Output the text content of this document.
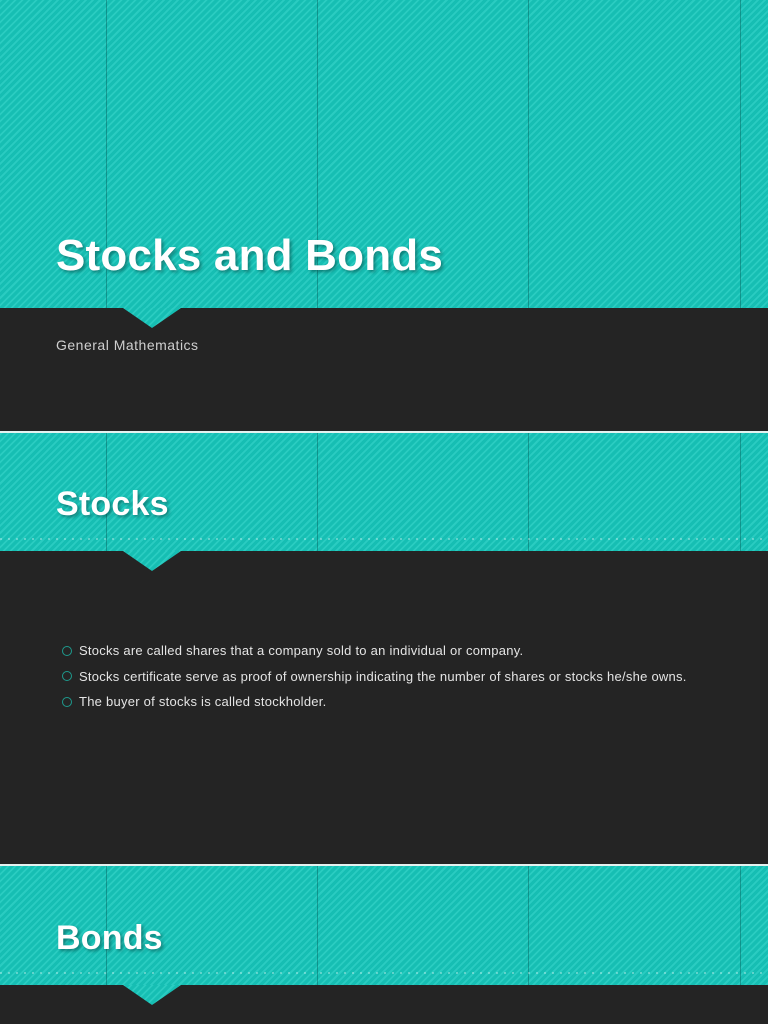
Stocks and Bonds

General Mathematics

Stocks
Stocks are called shares that a company sold to an individual or company.
Stocks certificate serve as proof of ownership indicating the number of shares or stocks he/she owns.
The buyer of stocks is called stockholder.
Bonds
